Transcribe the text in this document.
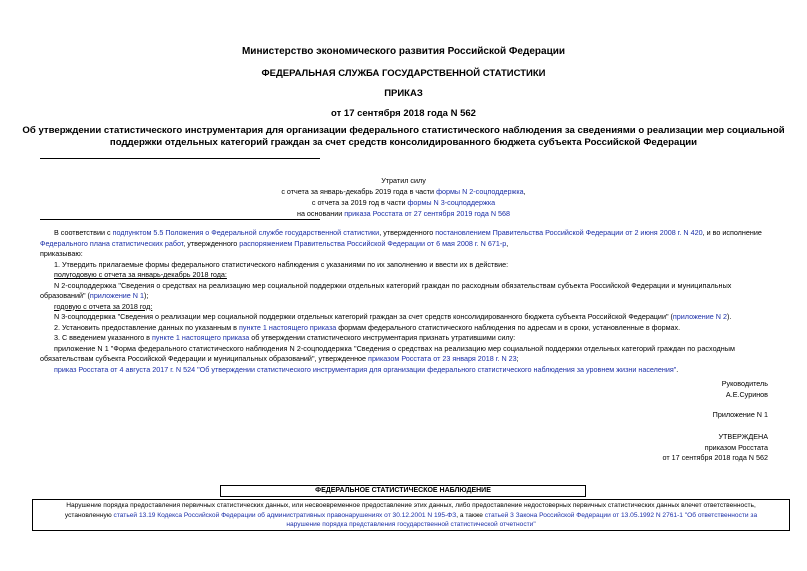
Министерство экономического развития Российской Федерации
ФЕДЕРАЛЬНАЯ СЛУЖБА ГОСУДАРСТВЕННОЙ СТАТИСТИКИ
ПРИКАЗ
от 17 сентября 2018 года N 562
Об утверждении статистического инструментария для организации федерального статистического наблюдения за сведениями о реализации мер социальной
поддержки отдельных категорий граждан за счет средств консолидированного бюджета субъекта Российской Федерации
Утратил силу
с отчета за январь-декабрь 2019 года в части формы N 2-соцподдержка,
с отчета за 2019 год в части формы N 3-соцподдержка
на основании приказа Росстата от 27 сентября 2019 года N 568
В соответствии с подпунктом 5.5 Положения о Федеральной службе государственной статистики, утвержденного постановлением Правительства Российской Федерации от 2 июня 2008 г. N 420, и во исполнение
Федерального плана статистических работ, утвержденного распоряжением Правительства Российской Федерации от 6 мая 2008 г. N 671-р,
приказываю:
1. Утвердить прилагаемые формы федерального статистического наблюдения с указаниями по их заполнению и ввести их в действие:
полугодовую с отчета за январь-декабрь 2018 года:
N 2-соцподдержка "Сведения о средствах на реализацию мер социальной поддержки отдельных категорий граждан по расходным обязательствам субъекта Российской Федерации и муниципальных
образований" (приложение N 1);
годовую с отчета за 2018 год:
N 3-соцподдержка "Сведения о реализации мер социальной поддержки отдельных категорий граждан за счет средств консолидированного бюджета субъекта Российской Федерации" (приложение N 2).
2. Установить предоставление данных по указанным в пункте 1 настоящего приказа формам федерального статистического наблюдения по адресам и в сроки, установленные в формах.
3. С введением указанного в пункте 1 настоящего приказа об утверждении статистического инструментария признать утратившими силу:
приложение N 1 "Форма федерального статистического наблюдения N 2-соцподдержка "Сведения о средствах на реализацию мер социальной поддержки отдельных категорий граждан по расходным
обязательствам субъекта Российской Федерации и муниципальных образований", утвержденное приказом Росстата от 23 января 2018 г. N 23;
приказ Росстата от 4 августа 2017 г. N 524 "Об утверждении статистического инструментария для организации федерального статистического наблюдения за уровнем жизни населения".
Руководитель
А.Е.Суринов
Приложение N 1
УТВЕРЖДЕНА
приказом Росстата
от 17 сентября 2018 года N 562
ФЕДЕРАЛЬНОЕ СТАТИСТИЧЕСКОЕ НАБЛЮДЕНИЕ
Нарушение порядка предоставления первичных статистических данных, или несвоевременное предоставление этих данных, либо предоставление недостоверных первичных статистических данных влечет ответственность,
установленную статьей 13.19 Кодекса Российской Федерации об административных правонарушениях от 30.12.2001 N 195-ФЗ, а также статьей 3 Закона Российской Федерации от 13.05.1992 N 2761-1 "Об ответственности за
нарушение порядка представления государственной статистической отчетности"
